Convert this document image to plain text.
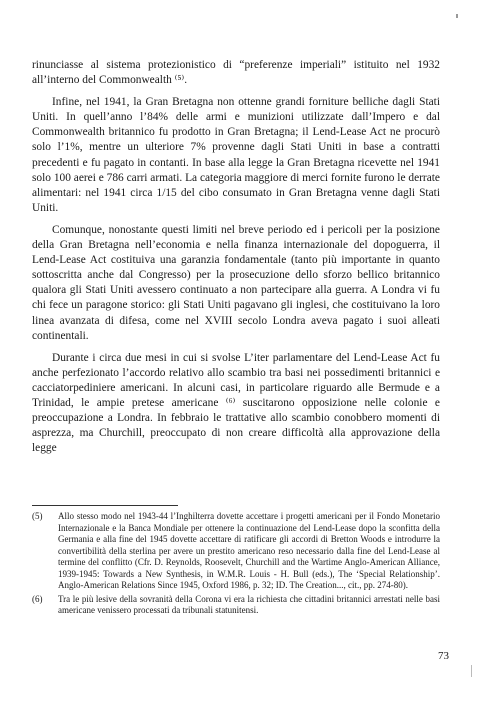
rinunciasse al sistema protezionistico di “preferenze imperiali” istituito nel 1932 all’interno del Commonwealth ⁽⁵⁾.

Infine, nel 1941, la Gran Bretagna non ottenne grandi forniture belliche dagli Stati Uniti. In quell’anno l’84% delle armi e munizioni utilizzate dall’Impero e dal Commonwealth britannico fu prodotto in Gran Bretagna; il Lend-Lease Act ne procurò solo l’1%, mentre un ulteriore 7% provenne dagli Stati Uniti in base a contratti precedenti e fu pagato in contanti. In base alla legge la Gran Bretagna ricevette nel 1941 solo 100 aerei e 786 carri armati. La categoria maggiore di merci fornite furono le derrate alimentari: nel 1941 circa 1/15 del cibo consumato in Gran Bretagna venne dagli Stati Uniti.

Comunque, nonostante questi limiti nel breve periodo ed i pericoli per la posizione della Gran Bretagna nell’economia e nella finanza internazionale del dopoguerra, il Lend-Lease Act costituiva una garanzia fondamentale (tanto più importante in quanto sottoscritta anche dal Congresso) per la prosecuzione dello sforzo bellico britannico qualora gli Stati Uniti avessero continuato a non partecipare alla guerra. A Londra vi fu chi fece un paragone storico: gli Stati Uniti pagavano gli inglesi, che costituivano la loro linea avanzata di difesa, come nel XVIII secolo Londra aveva pagato i suoi alleati continentali.

Durante i circa due mesi in cui si svolse L’iter parlamentare del Lend-Lease Act fu anche perfezionato l’accordo relativo allo scambio tra basi nei possedimenti britannici e cacciatorpediniere americani. In alcuni casi, in particolare riguardo alle Bermude e a Trinidad, le ampie pretese americane ⁽⁶⁾ suscitarono opposizione nelle colonie e preoccupazione a Londra. In febbraio le trattative allo scambio conobbero momenti di asprezza, ma Churchill, preoccupato di non creare difficoltà alla approvazione della legge

(5)	Allo stesso modo nel 1943-44 l’Inghilterra dovette accettare i progetti americani per il Fondo Monetario Internazionale e la Banca Mondiale per ottenere la continuazione del Lend-Lease dopo la sconfitta della Germania e alla fine del 1945 dovette accettare di ratificare gli accordi di Bretton Woods e introdurre la convertibilità della sterlina per avere un prestito americano reso necessario dalla fine del Lend-Lease al termine del conflitto (Cfr. D. Reynolds, Roosevelt, Churchill and the Wartime Anglo-American Alliance, 1939-1945: Towards a New Synthesis, in W.M.R. Louis - H. Bull (eds.), The ‘Special Relationship’. Anglo-American Relations Since 1945, Oxford 1986, p. 32; ID. The Creation..., cit., pp. 274-80).
(6)	Tra le più lesive della sovranità della Corona vi era la richiesta che cittadini britannici arrestati nelle basi americane venissero processati da tribunali statunitensi.
73
